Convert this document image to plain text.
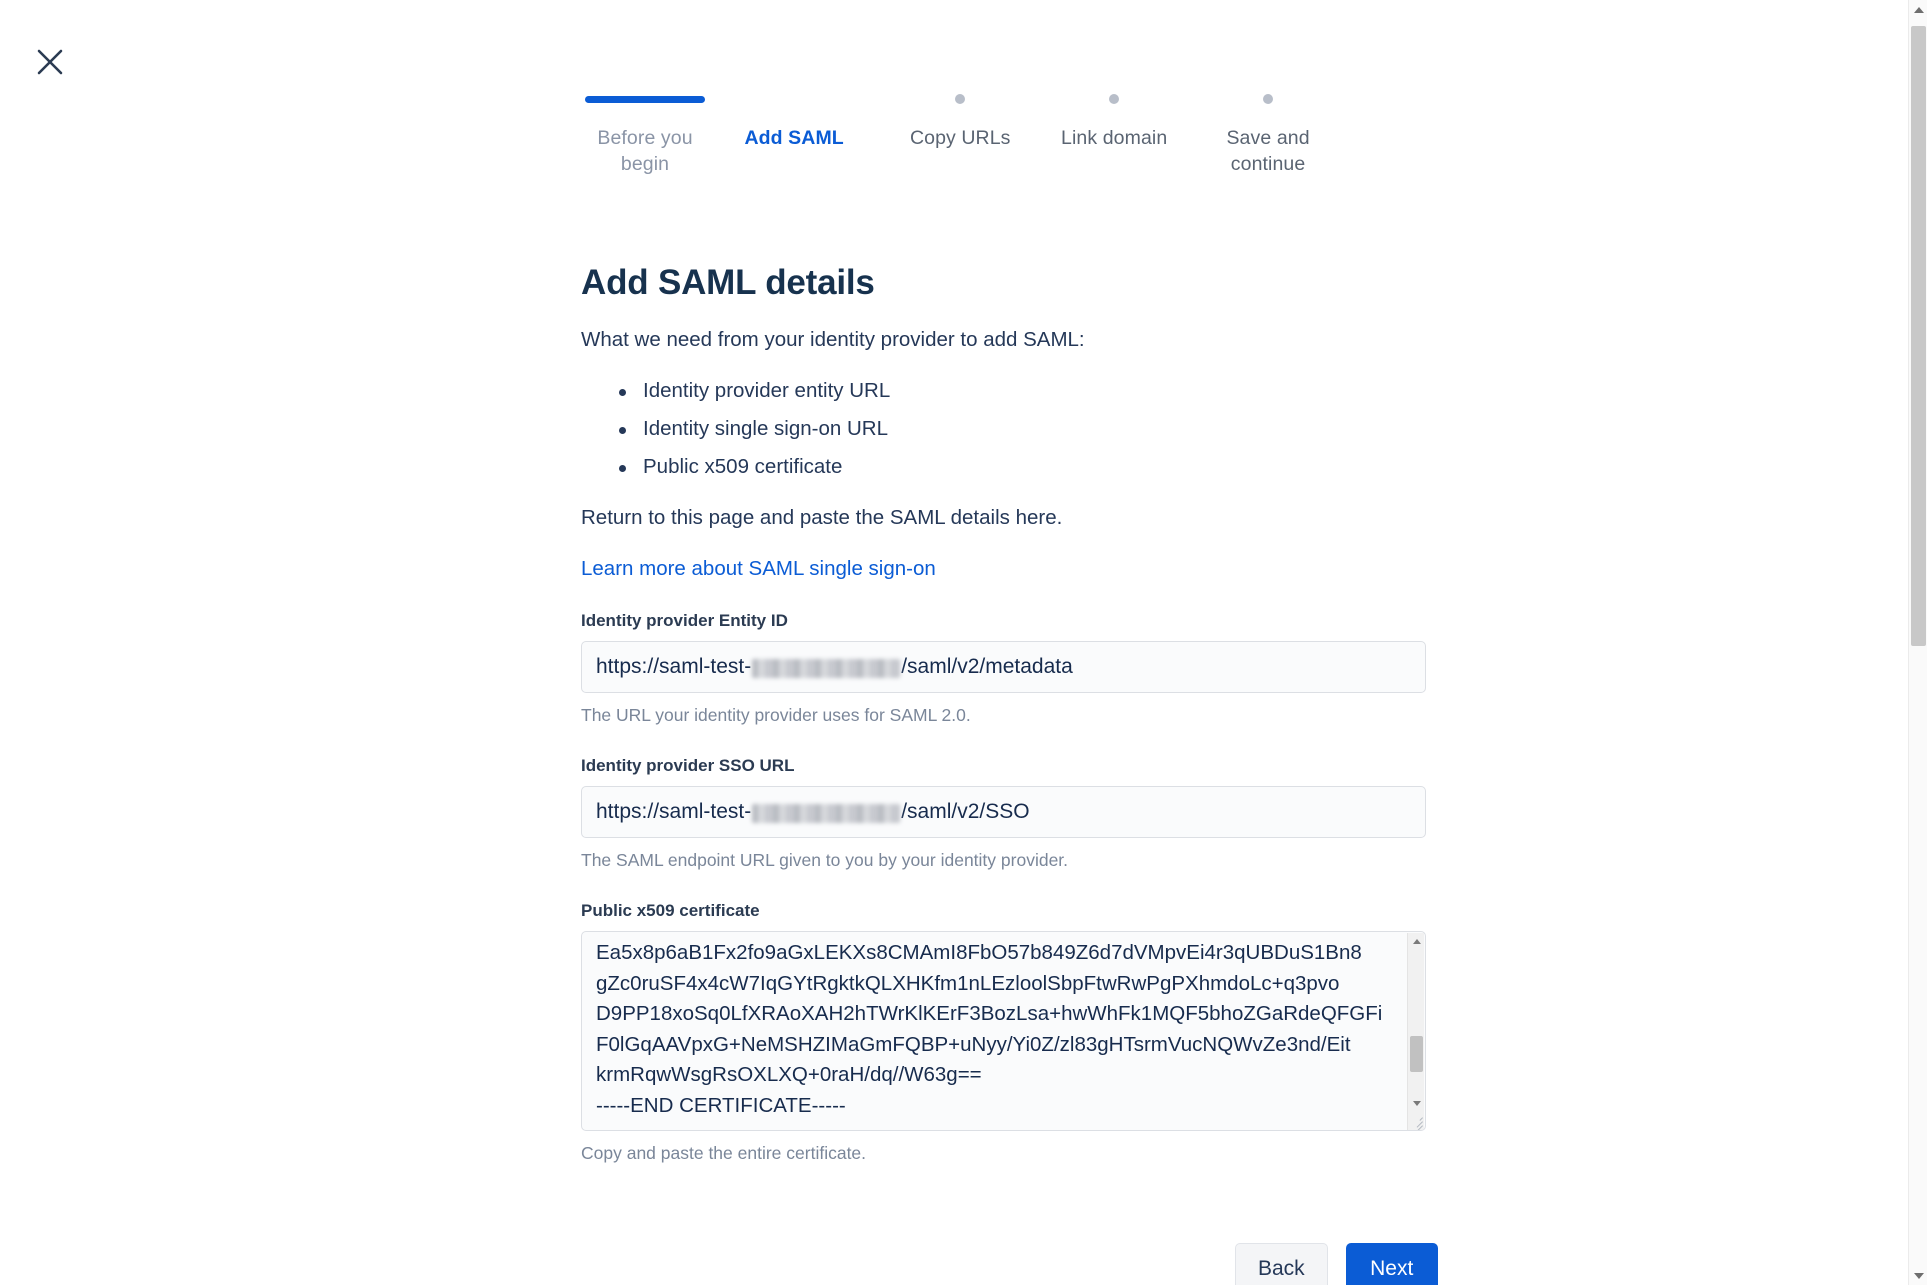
Before you begin
Add SAML	Copy URLs	Link domain	Save and continue
Add SAML details

What we need from your identity provider to add SAML:

Identity provider entity URL
Identity single sign-on URL
Public x509 certificate

Return to this page and paste the SAML details here.

Learn more about SAML single sign-on
Identity provider Entity ID
https://saml-test-	/saml/v2/metadata
The URL your identity provider uses for SAML 2.0.
Identity provider SSO URL
https://saml-test-	/saml/v2/SSO
The SAML endpoint URL given to you by your identity provider.
Public x509 certificate
Ea5x8p6aB1Fx2fo9aGxLEKXs8CMAmI8FbO57b849Z6d7dVMpvEi4r3qUBDuS1Bn8
gZc0ruSF4x4cW7IqGYtRgktkQLXHKfm1nLEzloolSbpFtwRwPgPXhmdoLc+q3pvo
D9PP18xoSq0LfXRAoXAH2hTWrKlKErF3BozLsa+hwWhFk1MQF5bhoZGaRdeQFGFi
F0lGqAAVpxG+NeMSHZIMaGmFQBP+uNyy/Yi0Z/zl83gHTsrmVucNQWvZe3nd/Eit
krmRqwWsgRsOXLXQ+0raH/dq//W63g==
-----END CERTIFICATE-----
Copy and paste the entire certificate.
Back	Next
